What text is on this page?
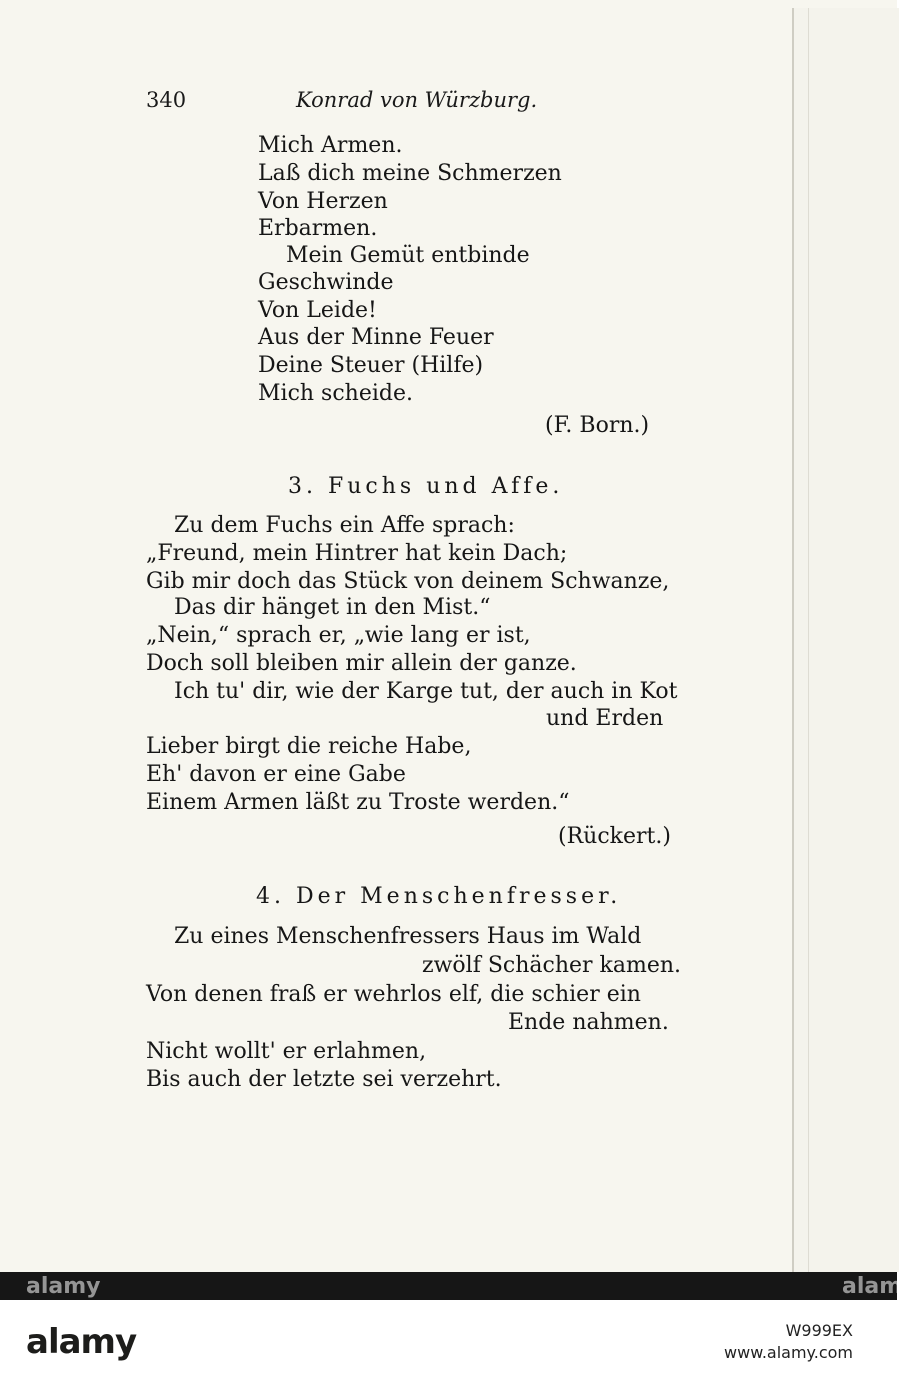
340	Konrad von Würzburg.
Mich Armen.
Laß dich meine Schmerzen
Von Herzen
Erbarmen.
Mein Gemüt entbinde
Geschwinde
Von Leide!
Aus der Minne Feuer
Deine Steuer (Hilfe)
Mich scheide.
(F. Born.)
3. Fuchs und Affe.
Zu dem Fuchs ein Affe sprach:
„Freund, mein Hintrer hat kein Dach;
Gib mir doch das Stück von deinem Schwanze,
Das dir hänget in den Mist.“
„Nein,“ sprach er, „wie lang er ist,
Doch soll bleiben mir allein der ganze.
Ich tu' dir, wie der Karge tut, der auch in Kot
und Erden
Lieber birgt die reiche Habe,
Eh' davon er eine Gabe
Einem Armen läßt zu Troste werden.“
(Rückert.)
4. Der Menschenfresser.
Zu eines Menschenfressers Haus im Wald
zwölf Schächer kamen.
Von denen fraß er wehrlos elf, die schier ein
Ende nahmen.
Nicht wollt' er erlahmen,
Bis auch der letzte sei verzehrt.
alamy	alamy
alamy	W999EX
www.alamy.com
